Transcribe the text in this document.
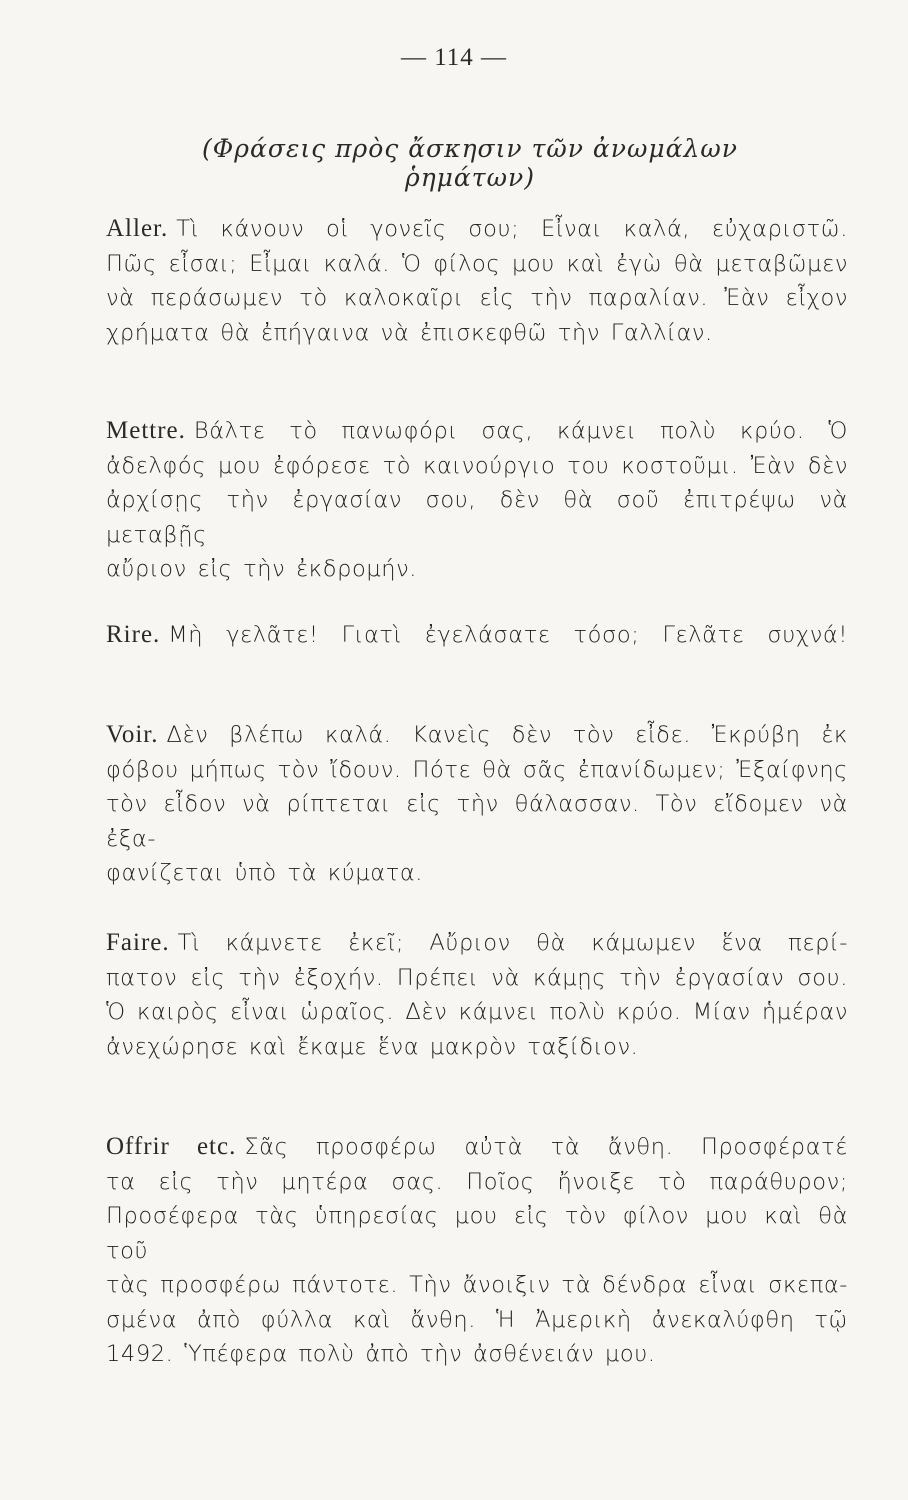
— 114 —
(Φράσεις πρὸς ἄσκησιν τῶν ἀνωμάλων ῥημάτων)
Aller. Τὶ κάνουν οἱ γονεῖς σου; Εἶναι καλά, εὐχαριστῶ.
Πῶς εἶσαι; Εἶμαι καλά. Ὁ φίλος μου καὶ ἐγὼ θὰ μεταβῶμεν
νὰ περάσωμεν τὸ καλοκαῖρι εἰς τὴν παραλίαν. Ἐὰν εἶχον
χρήματα θὰ ἐπήγαινα νὰ ἐπισκεφθῶ τὴν Γαλλίαν.
Mettre. Βάλτε τὸ πανωφόρι σας, κάμνει πολὺ κρύο. Ὁ
ἀδελφός μου ἐφόρεσε τὸ καινούργιο του κοστοῦμι. Ἐὰν δὲν
ἀρχίσῃς τὴν ἐργασίαν σου, δὲν θὰ σοῦ ἐπιτρέψω νὰ μεταβῇς
αὔριον εἰς τὴν ἐκδρομήν.
Rire. Μὴ γελᾶτε! Γιατὶ ἐγελάσατε τόσο; Γελᾶτε συχνά!
Voir. Δὲν βλέπω καλά. Κανεὶς δὲν τὸν εἶδε. Ἐκρύβη ἐκ
φόβου μήπως τὸν ἴδουν. Πότε θὰ σᾶς ἐπανίδωμεν; Ἐξαίφνης
τὸν εἶδον νὰ ρίπτεται εἰς τὴν θάλασσαν. Τὸν εἴδομεν νὰ ἐξα-
φανίζεται ὑπὸ τὰ κύματα.
Faire. Τὶ κάμνετε ἐκεῖ; Αὔριον θὰ κάμωμεν ἕνα περί-
πατον εἰς τὴν ἐξοχήν. Πρέπει νὰ κάμῃς τὴν ἐργασίαν σου.
Ὁ καιρὸς εἶναι ὡραῖος. Δὲν κάμνει πολὺ κρύο. Μίαν ἡμέραν
ἀνεχώρησε καὶ ἔκαμε ἕνα μακρὸν ταξίδιον.
Offrir etc. Σᾶς προσφέρω αὐτὰ τὰ ἄνθη. Προσφέρατέ
τα εἰς τὴν μητέρα σας. Ποῖος ἤνοιξε τὸ παράθυρον;
Προσέφερα τὰς ὑπηρεσίας μου εἰς τὸν φίλον μου καὶ θὰ τοῦ
τὰς προσφέρω πάντοτε. Τὴν ἄνοιξιν τὰ δένδρα εἶναι σκεπα-
σμένα ἀπὸ φύλλα καὶ ἄνθη. Ἡ Ἀμερικὴ ἀνεκαλύφθη τῷ
1492. Ὑπέφερα πολὺ ἀπὸ τὴν ἀσθένειάν μου.
